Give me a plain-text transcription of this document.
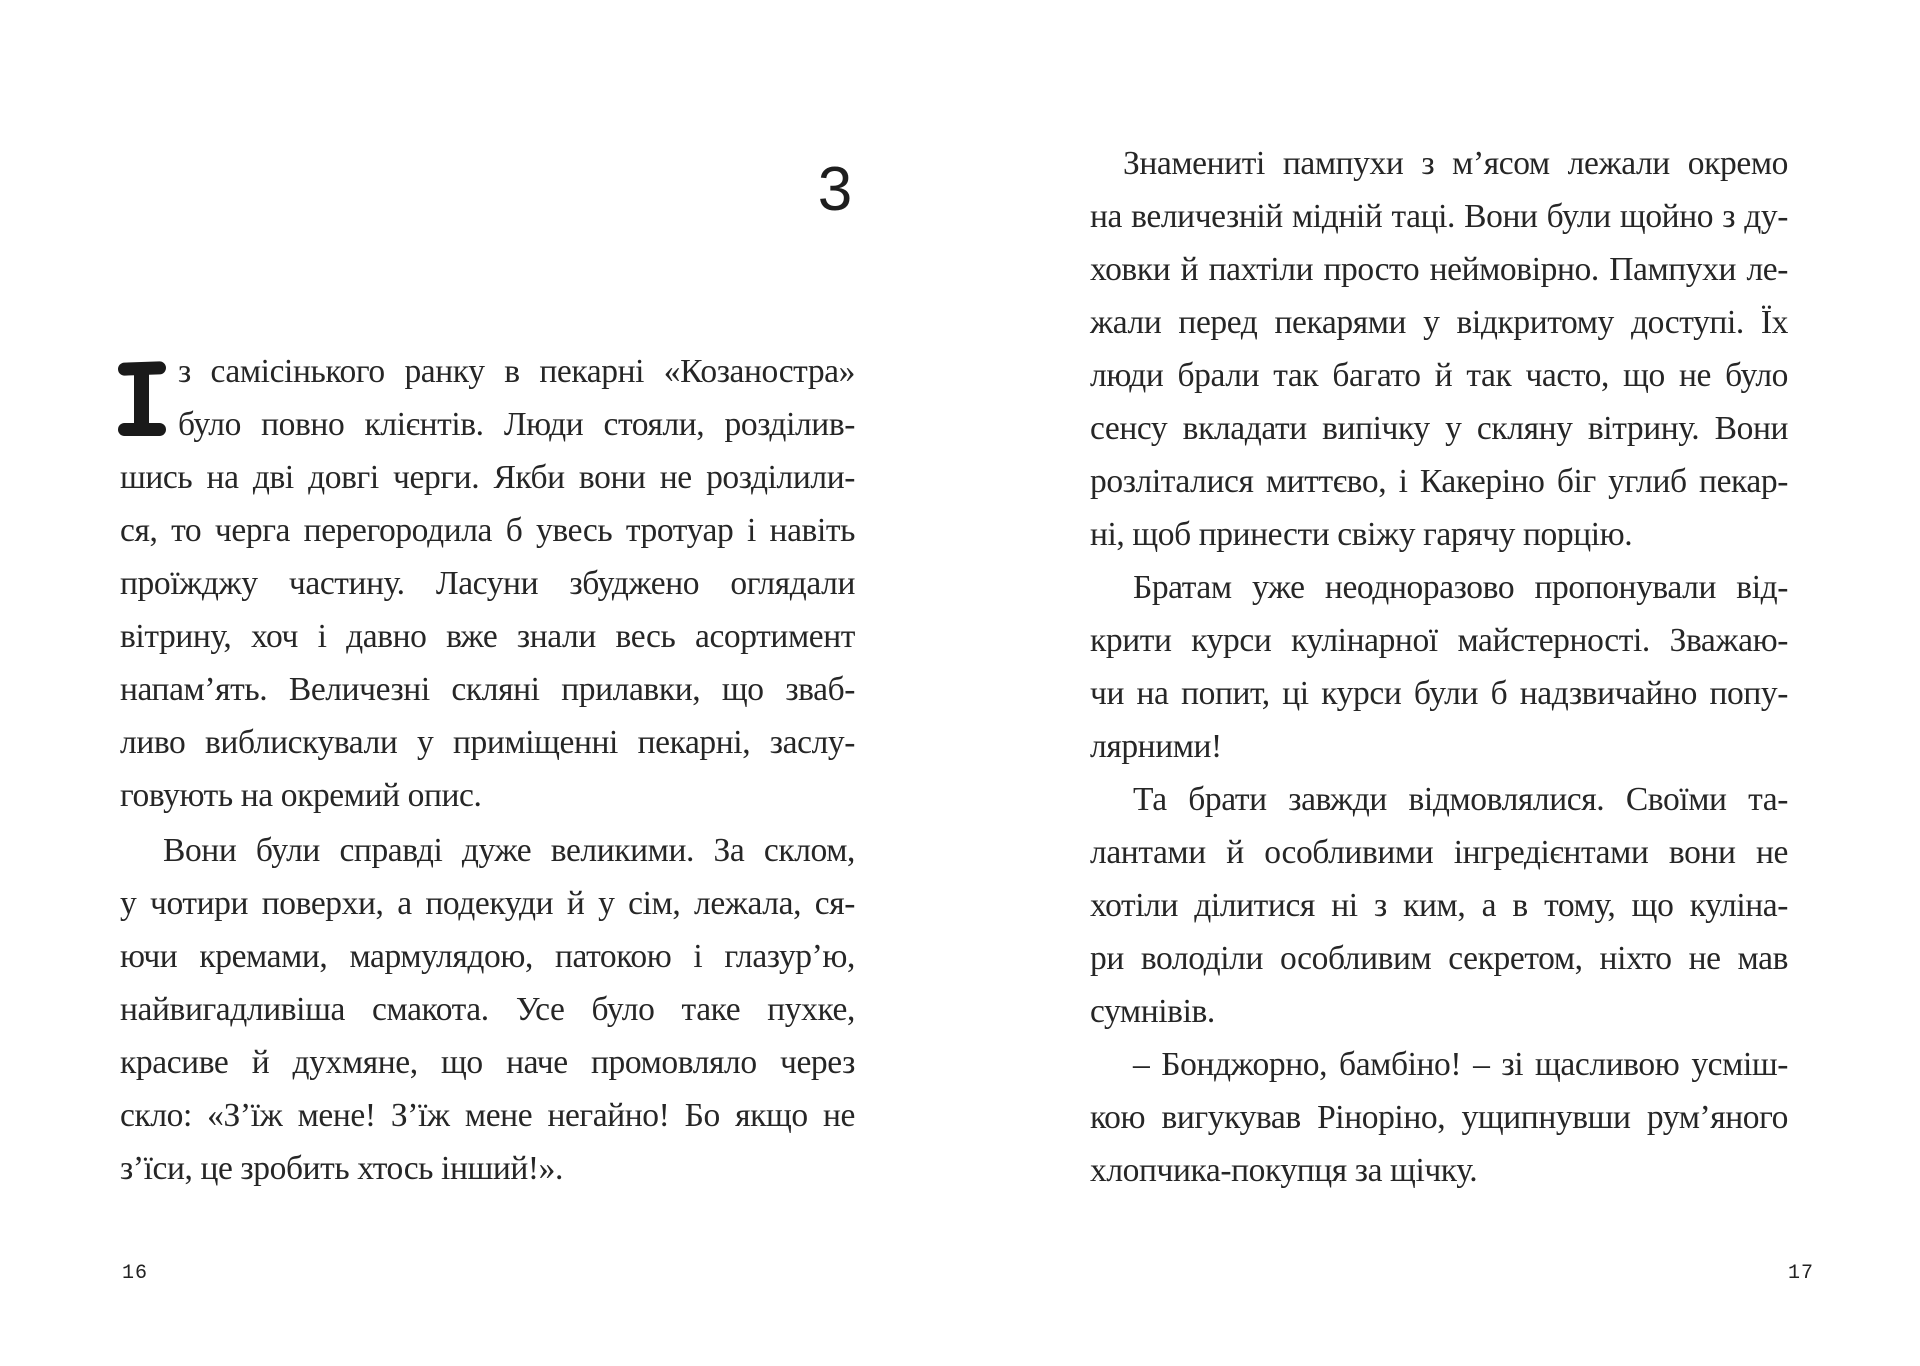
3
з самісінького ранку в пекарні «Козаностра»
було повно клієнтів. Люди стояли, розділив-
шись на дві довгі черги. Якби вони не розділили-
ся, то черга перегородила б увесь тротуар і навіть
проїжджу частину. Ласуни збуджено оглядали
вітрину, хоч і давно вже знали весь асортимент
напам’ять. Величезні скляні прилавки, що зваб-
ливо виблискували у приміщенні пекарні, заслу-
говують на окремий опис.
Вони були справді дуже великими. За склом,
у чотири поверхи, а подекуди й у сім, лежала, ся-
ючи кремами, мармулядою, патокою і глазур’ю,
найвигадливіша смакота. Усе було таке пухке,
красиве й духмяне, що наче промовляло через
скло: «З’їж мене! З’їж мене негайно! Бо якщо не
з’їси, це зробить хтось інший!».
16
Знамениті пампухи з м’ясом лежали окремо
на величезній мідній таці. Вони були щойно з ду-
ховки й пахтіли просто неймовірно. Пампухи ле-
жали перед пекарями у відкритому доступі. Їх
люди брали так багато й так часто, що не було
сенсу вкладати випічку у скляну вітрину. Вони
розліталися миттєво, і Какеріно біг углиб пекар-
ні, щоб принести свіжу гарячу порцію.
Братам уже неодноразово пропонували від-
крити курси кулінарної майстерності. Зважаю-
чи на попит, ці курси були б надзвичайно попу-
лярними!
Та брати завжди відмовлялися. Своїми та-
лантами й особливими інгредієнтами вони не
хотіли ділитися ні з ким, а в тому, що куліна-
ри володіли особливим секретом, ніхто не мав
сумнівів.
– Бонджорно, бамбіно! – зі щасливою усміш-
кою вигукував Ріноріно, ущипнувши рум’яного
хлопчика-покупця за щічку.
17
